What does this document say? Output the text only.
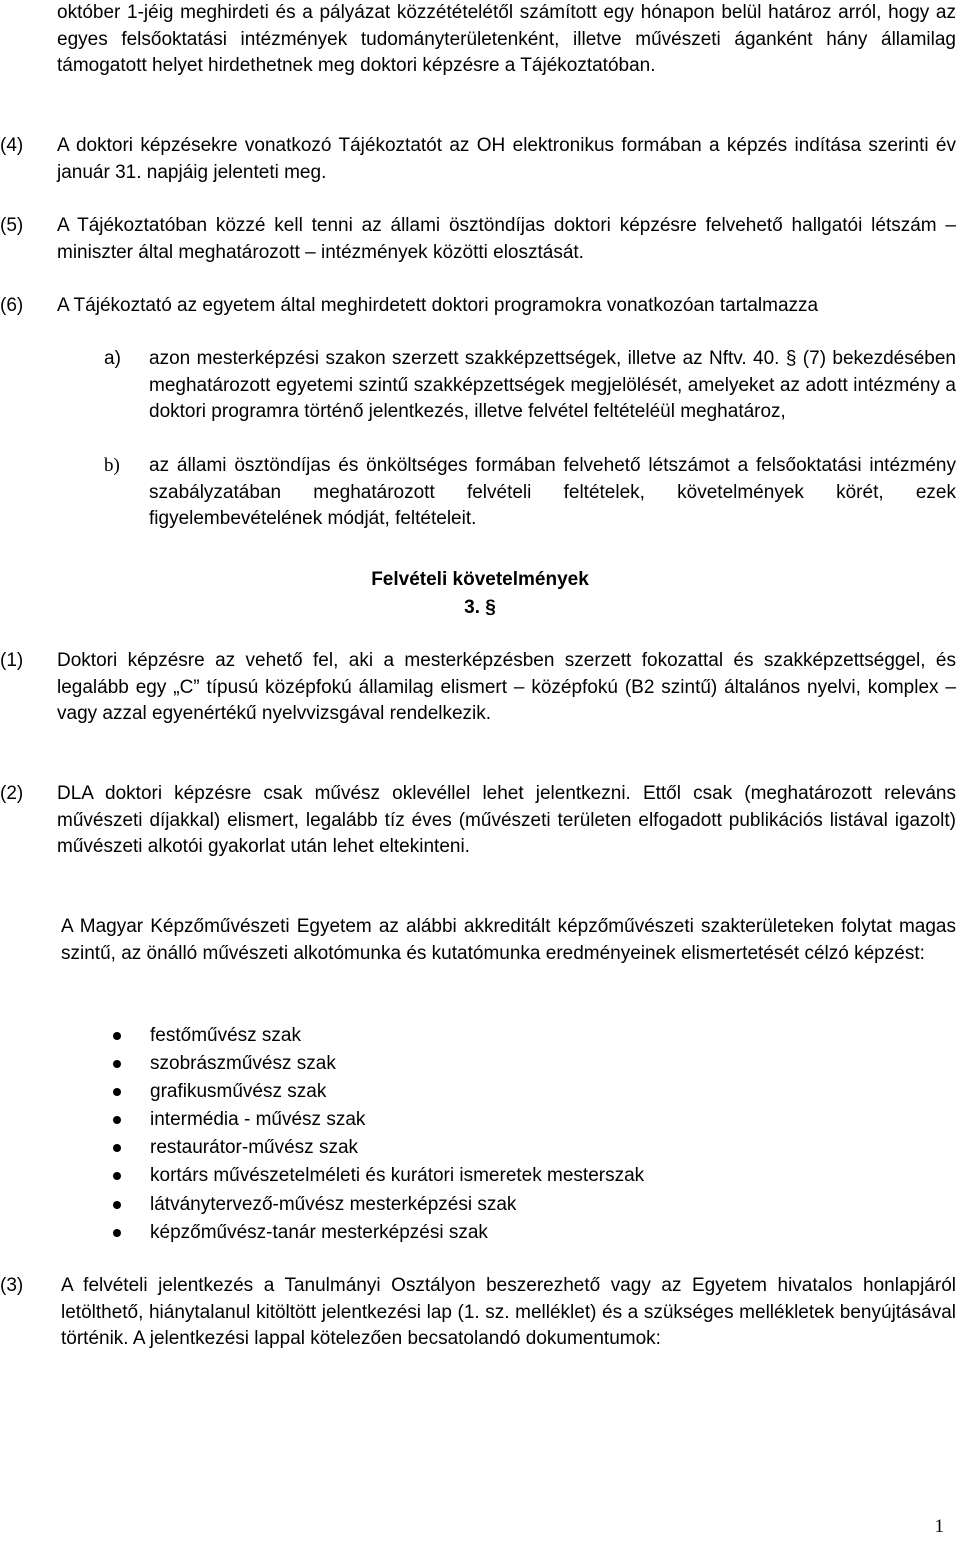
október 1-jéig meghirdeti és a pályázat közzétételétől számított egy hónapon belül határoz arról, hogy az egyes felsőoktatási intézmények tudományterületenként, illetve művészeti áganként hány államilag támogatott helyet hirdethetnek meg doktori képzésre a Tájékoztatóban.

(4) A doktori képzésekre vonatkozó Tájékoztatót az OH elektronikus formában a képzés indítása szerinti év január 31. napjáig jelenteti meg.
(5) A Tájékoztatóban közzé kell tenni az állami ösztöndíjas doktori képzésre felvehető hallgatói létszám – miniszter által meghatározott – intézmények közötti elosztását.
(6) A Tájékoztató az egyetem által meghirdetett doktori programokra vonatkozóan tartalmazza
a) azon mesterképzési szakon szerzett szakképzettségek, illetve az Nftv. 40. § (7) bekezdésében meghatározott egyetemi szintű szakképzettségek megjelölését, amelyeket az adott intézmény a doktori programra történő jelentkezés, illetve felvétel feltételéül meghatároz,
b) az állami ösztöndíjas és önköltséges formában felvehető létszámot a felsőoktatási intézmény szabályzatában meghatározott felvételi feltételek, követelmények körét, ezek figyelembevételének módját, feltételeit.
Felvételi követelmények
3. §
(1) Doktori képzésre az vehető fel, aki a mesterképzésben szerzett fokozattal és szakképzettséggel, és legalább egy „C” típusú középfokú államilag elismert – középfokú (B2 szintű) általános nyelvi, komplex – vagy azzal egyenértékű nyelvvizsgával rendelkezik.
(2) DLA doktori képzésre csak művész oklevéllel lehet jelentkezni. Ettől csak (meghatározott releváns művészeti díjakkal) elismert, legalább tíz éves (művészeti területen elfogadott publikációs listával igazolt) művészeti alkotói gyakorlat után lehet eltekinteni.

A Magyar Képzőművészeti Egyetem az alábbi akkreditált képzőművészeti szakterületeken folytat magas szintű, az önálló művészeti alkotómunka és kutatómunka eredményeinek elismertetését célzó képzést:

festőművész szak
szobrászművész szak
grafikusművész szak
intermédia - művész szak
restaurátor-művész szak
kortárs művészetelméleti és kurátori ismeretek mesterszak
látványtervező-művész mesterképzési szak
képzőművész-tanár mesterképzési szak
(3) A felvételi jelentkezés a Tanulmányi Osztályon beszerezhető vagy az Egyetem hivatalos honlapjáról letölthető, hiánytalanul kitöltött jelentkezési lap (1. sz. melléklet) és a szükséges mellékletek benyújtásával történik. A jelentkezési lappal kötelezően becsatolandó dokumentumok:
1
